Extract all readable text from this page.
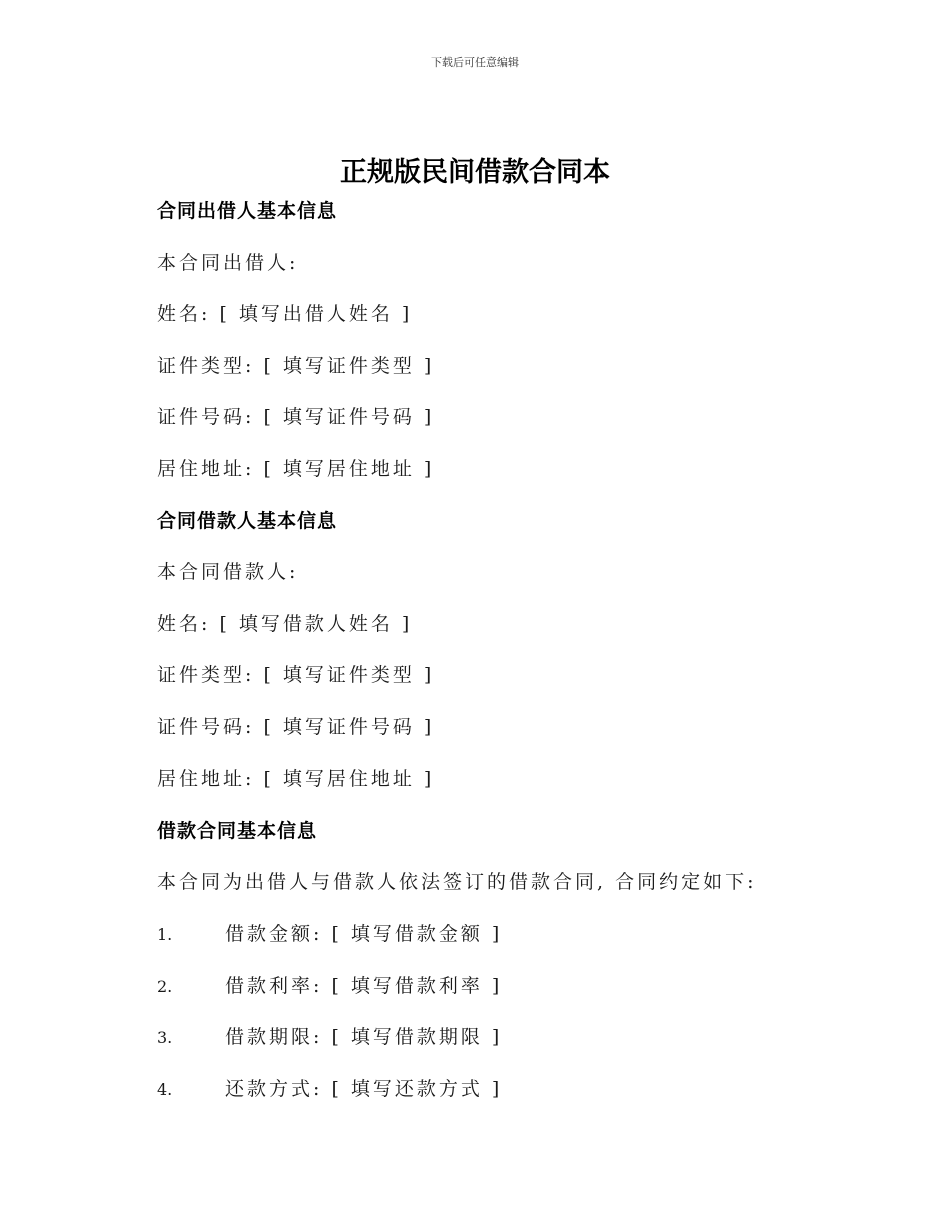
下载后可任意编辑
正规版民间借款合同本
合同出借人基本信息
本合同出借人:
姓名: [ 填写出借人姓名 ]
证件类型: [ 填写证件类型 ]
证件号码: [ 填写证件号码 ]
居住地址: [ 填写居住地址 ]
合同借款人基本信息
本合同借款人:
姓名: [ 填写借款人姓名 ]
证件类型: [ 填写证件类型 ]
证件号码: [ 填写证件号码 ]
居住地址: [ 填写居住地址 ]
借款合同基本信息
本合同为出借人与借款人依法签订的借款合同, 合同约定如下:
1.	借款金额: [ 填写借款金额 ]
2.	借款利率: [ 填写借款利率 ]
3.	借款期限: [ 填写借款期限 ]
4.	还款方式: [ 填写还款方式 ]
